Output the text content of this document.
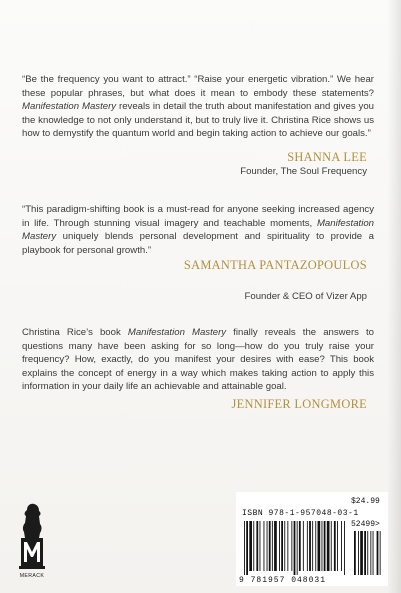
“Be the frequency you want to attract.” “Raise your energetic vibration.” We hear these popular phrases, but what does it mean to embody these statements? Manifestation Mastery reveals in detail the truth about manifestation and gives you the knowledge to not only understand it, but to truly live it. Christina Rice shows us how to demystify the quantum world and begin taking action to achieve our goals.”

SHANNA LEE

Founder, The Soul Frequency

“This paradigm-shifting book is a must-read for anyone seeking increased agency in life. Through stunning visual imagery and teachable moments, Manifestation Mastery uniquely blends personal development and spirituality to provide a playbook for personal growth.”

SAMANTHA PANTAZOPOULOS

Founder & CEO of Vizer App

Christina Rice’s book Manifestation Mastery finally reveals the answers to questions many have been asking for so long—how do you truly raise your frequency? How, exactly, do you manifest your desires with ease? This book explains the concept of energy in a way which makes taking action to apply this information in your daily life an achievable and attainable goal.

JENNIFER LONGMORE

MERACK
$24.99
ISBN 978-1-957048-03-1
52499>
9 781957 048031
